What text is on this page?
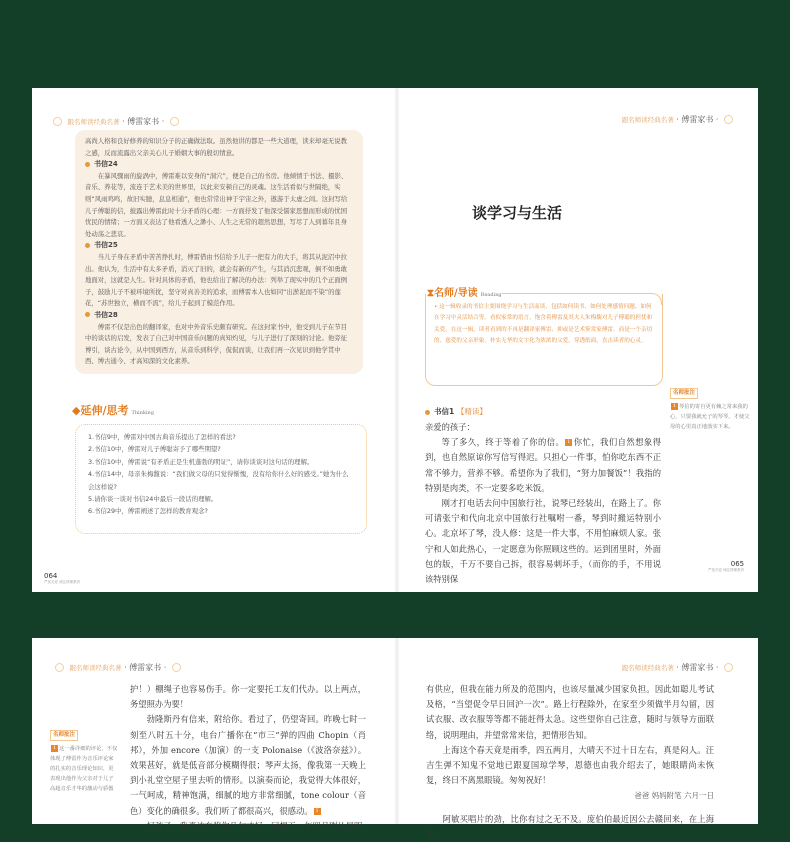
跟名师读经典名著 · 傅雷家书 ·	跟名师读经典名著 · 傅雷家书 ·

高尚人格和良好修养的知识分子的正确做法取。虽然他讲的都是一些大道理，读来却毫无说教之感，反而流露出父亲关心儿子婚姻大事的殷切情意。

书信24

在暴风骤雨的旋涡中，傅雷难以安身的“洞穴”，便是自己的书房。他倾情于书法、摄影、音乐、养花等，流连于艺术美的世界里，以此来安顿自己的灵魂。这生活看似与世隔绝，实则“风雨鸡鸣，故旧实臆，息息相通”，他也常常出神于宇宙之外，遨游于太虚之间。这封写给儿子傅聪的信，披露出傅雷此时十分矛盾的心理：一方面抒发了他深受儒家思想而形成的忧国忧民的情绪；一方面又表达了他看透人之渺小、人生之无常的超然思想，写尽了人到暮年且身处动荡之悲哀。

书信25

当儿子身在矛盾中苦苦挣扎时，傅雷借由书信给予儿子一把有力的大手，将其从泥沼中拉出。他认为，生活中有太多矛盾，消灭了旧的，就会有新的产生，与其消沉悲观，倒不如勇敢地面对，这就是人生。针对具体的矛盾，他也给出了解决的办法：列举了现实中的几个正面例子，鼓励儿子不被环境所扰，坚守对真善美的追求，而傅雷本人也如同“出淤泥而不染”的莲花，“苏世独立，横而不流”，给儿子起到了模范作用。

书信28

傅雷不仅是出色的翻译家，也对中外音乐史颇有研究。在这封家书中，他受到儿子在节目中的谈话的启发，发表了自己对中国音乐问题的真知灼见，与儿子进行了深刻的讨论。他旁征博引，谈古论今，从中国到西方，从音乐到科学，侃侃而谈，让我们再一次见识到他学贯中西、博古通今、才高知深的文化素养。

◆延伸/思考 Thinking
1.书信9中，傅雷对中国古典音乐提出了怎样的看法?
2.书信10中，傅雷对儿子傅聪寄予了哪些期望?
3.书信10中，傅雷说“有矛盾正是生机蓬勃的明证”，请你谈谈对这句话的理解。
4.书信14中，母亲朱梅馥说：“我们做父母的只觉得惭愧，没有给你什么好的感受。”她为什么会这样说?
5.请你谈一谈对书信24中最后一段话的理解。
6.书信29中，傅雷阐述了怎样的教育观念?
064
严加关爱 倾注情理教育
谈学习与生活
⧗名师/导读 Reading
• 这一辑收录的书信主要围绕学习与生活而谈，包括如何读书、如何处理感情问题、如何在学习中灵活结合等。看似家常的语言，饱含着傅雷及其夫人朱梅馥对儿子傅聪的担忧和关爱。在这一辑，读者看到的不再是翻译家傅雷、抑或是艺术鉴赏家傅雷，而是一个亲切的、慈爱的父亲形象。朴实无华的文字化为浓浓的父爱，穿透纸面，直击读者的心灵。
书信1 【精读】

亲爱的孩子：

等了多久，终于等着了你的信。 1 你忙，我们自然想象得到，也自然原谅你写信写得迟。只担心一件事，怕你吃东西不正常不够力，营养不够。希望你为了我们，“努力加餐饭”！我指的特别是肉类，不一定要多吃米饭。

刚才打电话去问中国旅行社，说琴已经装出，在路上了。你可请张宁和代向北京中国旅行社嘱咐一番，琴到时搬运特别小心。北京坏了琴，没人修：这是一件大事，不用怕麻烦人家。张宁和人如此热心，一定愿意为你照顾这些的。运到团里时，外面包的版，千万不要自己拆，很容易刺坏手，（而你的手，不用说该特别保

名师批注
1 琴信的寄自更有赖之常来我的心，只要我就允子的琴琴，才使父母的心里真正地落实下来。
065
严加关爱 倾注情理教育
跟名师读经典名著 · 傅雷家书 ·	跟名师读经典名著 · 傅雷家书 ·
名师批注
1 这一番详细的评论，不仅体现了傅雷作为音乐评论家的扎实的音乐理论知识，更表现出他作为父亲对于儿子高超音乐才华的激动与骄傲

护！）棚绳子也容易伤手。你一定要托工友们代办。以上两点，务望照办为要！

勃隆斯丹有信来，附给你。看过了，仍望寄回。昨晚七时一刻至八时五十分，电台广播你在“市三”弹的四曲 Chopin（肖邦），外加 encore（加演）的一支 Polonaise（《波洛奈兹》）。效果甚好，就是低音部分模糊得很；琴声太扬，像我第一天晚上到小礼堂空屋子里去听的情形。以演奏而论，我觉得大体很好，一气呵成，精神饱满，细腻的地方非常细腻，tone colour（音色）变化的确很多。我们听了都很高兴，很感动。 1

好孩子，我真该夸奖你几句才好。回想五一年四月刚从昆明

有供应，但我在能力所及的范围内，也该尽量减少国家负担。因此如聪儿考试及格，“当望促令早日回沪一次”。路上行程除外，在家至少须做半月勾留，因试衣服、改衣服等等都不能赶得太急。这些望你自己注意，随时与领导方面联络，说明理由，并望常常来信，把情形告知。

上海这个春天竟是雨季，四五两月，大晴天不过十日左右，真是闷人。汪吉生弹不知鬼不觉地已跟夏国琼学琴，恩德也由我介绍去了，她眼睛尚未恢复，终日不离黑眼镜。匆匆祝好！

爸爸 妈妈附笔 六月一日

阿敏买唱片的劲，比你有过之无不及。庞伯伯最近因公去赣回来，在上海来
